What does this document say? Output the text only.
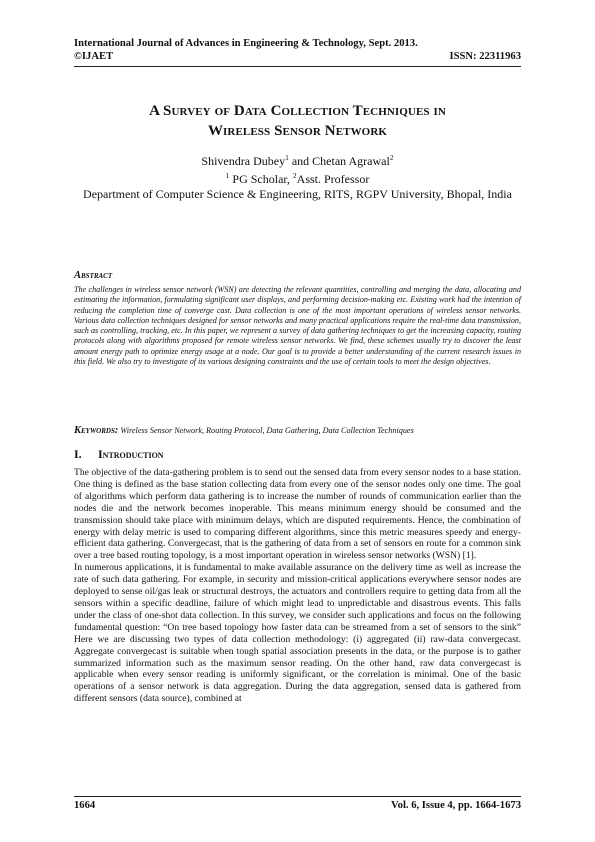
International Journal of Advances in Engineering & Technology, Sept. 2013.
©IJAET	ISSN: 22311963
A Survey of Data Collection Techniques in
Wireless Sensor Network
Shivendra Dubey$^1$ and Chetan Agrawal$^2$
$^1$ PG Scholar, $^2$Asst. Professor
Department of Computer Science & Engineering, RITS, RGPV University, Bhopal, India
Abstract
The challenges in wireless sensor network (WSN) are detecting the relevant quantities, controlling and merging the data, allocating and estimating the information, formulating significant user displays, and performing decision-making etc. Existing work had the intention of reducing the completion time of converge cast. Data collection is one of the most important operations of wireless sensor networks. Various data collection techniques designed for sensor networks and many practical applications require the real-time data transmission, such as controlling, tracking, etc. In this paper, we represent a survey of data gathering techniques to get the increasing capacity, routing protocols along with algorithms proposed for remote wireless sensor networks. We find, these schemes usually try to discover the least amount energy path to optimize energy usage at a node. Our goal is to provide a better understanding of the current research issues in this field. We also try to investigate of its various designing constraints and the use of certain tools to meet the design objectives.
Keywords: Wireless Sensor Network, Routing Protocol, Data Gathering, Data Collection Techniques
I. Introduction

The objective of the data-gathering problem is to send out the sensed data from every sensor nodes to a base station. One thing is defined as the base station collecting data from every one of the sensor nodes only one time. The goal of algorithms which perform data gathering is to increase the number of rounds of communication earlier than the nodes die and the network becomes inoperable. This means minimum energy should be consumed and the transmission should take place with minimum delays, which are disputed requirements. Hence, the combination of energy with delay metric is used to comparing different algorithms, since this metric measures speedy and energy-efficient data gathering. Convergecast, that is the gathering of data from a set of sensors en route for a common sink over a tree based routing topology, is a most important operation in wireless sensor networks (WSN) [1].

In numerous applications, it is fundamental to make available assurance on the delivery time as well as increase the rate of such data gathering. For example, in security and mission-critical applications everywhere sensor nodes are deployed to sense oil/gas leak or structural destroys, the actuators and controllers require to getting data from all the sensors within a specific deadline, failure of which might lead to unpredictable and disastrous events. This falls under the class of one-shot data collection. In this survey, we consider such applications and focus on the following fundamental question: “On tree based topology how faster data can be streamed from a set of sensors to the sink” Here we are discussing two types of data collection methodology: (i) aggregated (ii) raw-data convergecast. Aggregate convergecast is suitable when tough spatial association presents in the data, or the purpose is to gather summarized information such as the maximum sensor reading. On the other hand, raw data convergecast is applicable when every sensor reading is uniformly significant, or the correlation is minimal. One of the basic operations of a sensor network is data aggregation. During the data aggregation, sensed data is gathered from different sensors (data source), combined at

1664	Vol. 6, Issue 4, pp. 1664-1673
